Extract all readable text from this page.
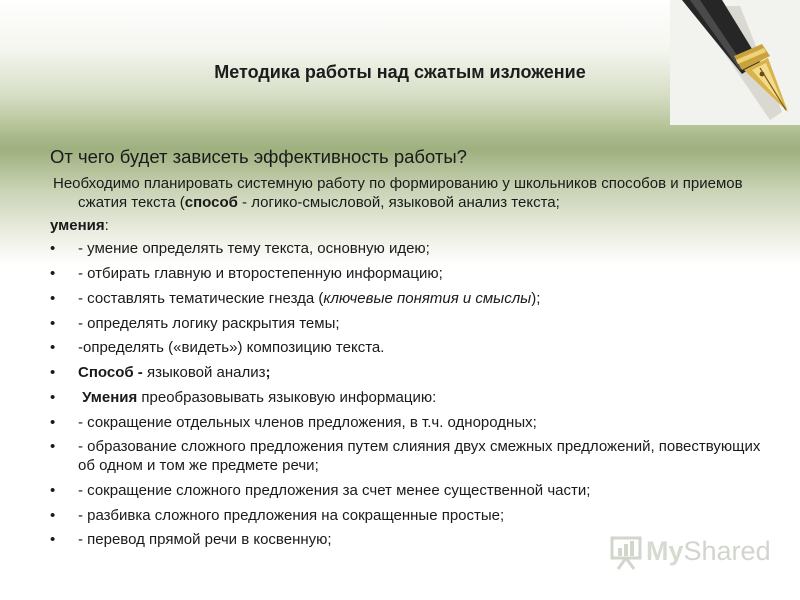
Методика работы над сжатым изложение
От чего будет зависеть эффективность работы?

Необходимо планировать системную работу по формированию у школьников способов и приемов сжатия текста (способ - логико-смысловой, языковой анализ текста;

умения:
• - умение определять тему текста, основную идею;
• - отбирать главную и второстепенную информацию;
• - составлять тематические гнезда (ключевые понятия и смыслы);
• - определять логику раскрытия темы;
• -определять («видеть») композицию текста.
• Способ - языковой анализ;
• Умения преобразовывать языковую информацию:
• - сокращение отдельных членов предложения, в т.ч. однородных;
• - образование сложного предложения путем слияния двух смежных предложений, повествующих об одном и том же предмете речи;
• - сокращение сложного предложения за счет менее существенной части;
• - разбивка сложного предложения на сокращенные простые;
• - перевод прямой речи в косвенную;	MyShared
